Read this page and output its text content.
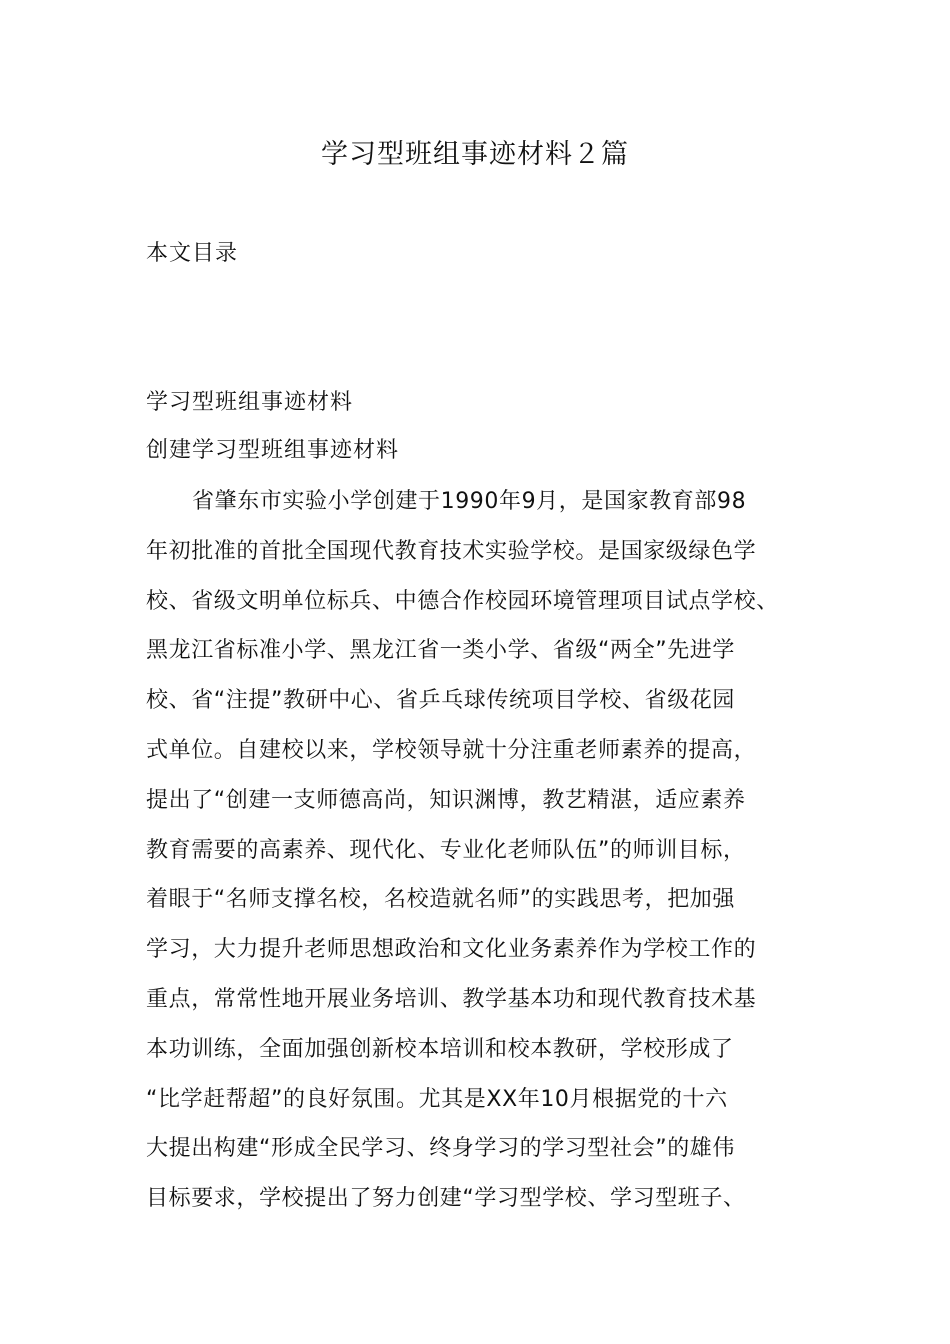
学习型班组事迹材料２篇
本文目录
学习型班组事迹材料
创建学习型班组事迹材料
省肇东市实验小学创建于1990年9月，是国家教育部98
年初批准的首批全国现代教育技术实验学校。是国家级绿色学
校、省级文明单位标兵、中德合作校园环境管理项目试点学校、
黑龙江省标准小学、黑龙江省一类小学、省级“两全”先进学
校、省“注提”教研中心、省乒乓球传统项目学校、省级花园
式单位。自建校以来，学校领导就十分注重老师素养的提高，
提出了“创建一支师德高尚，知识渊博，教艺精湛，适应素养
教育需要的高素养、现代化、专业化老师队伍”的师训目标，
着眼于“名师支撑名校，名校造就名师”的实践思考，把加强
学习，大力提升老师思想政治和文化业务素养作为学校工作的
重点，常常性地开展业务培训、教学基本功和现代教育技术基
本功训练，全面加强创新校本培训和校本教研，学校形成了
“比学赶帮超”的良好氛围。尤其是XX年10月根据党的十六
大提出构建“形成全民学习、终身学习的学习型社会”的雄伟
目标要求，学校提出了努力创建“学习型学校、学习型班子、
